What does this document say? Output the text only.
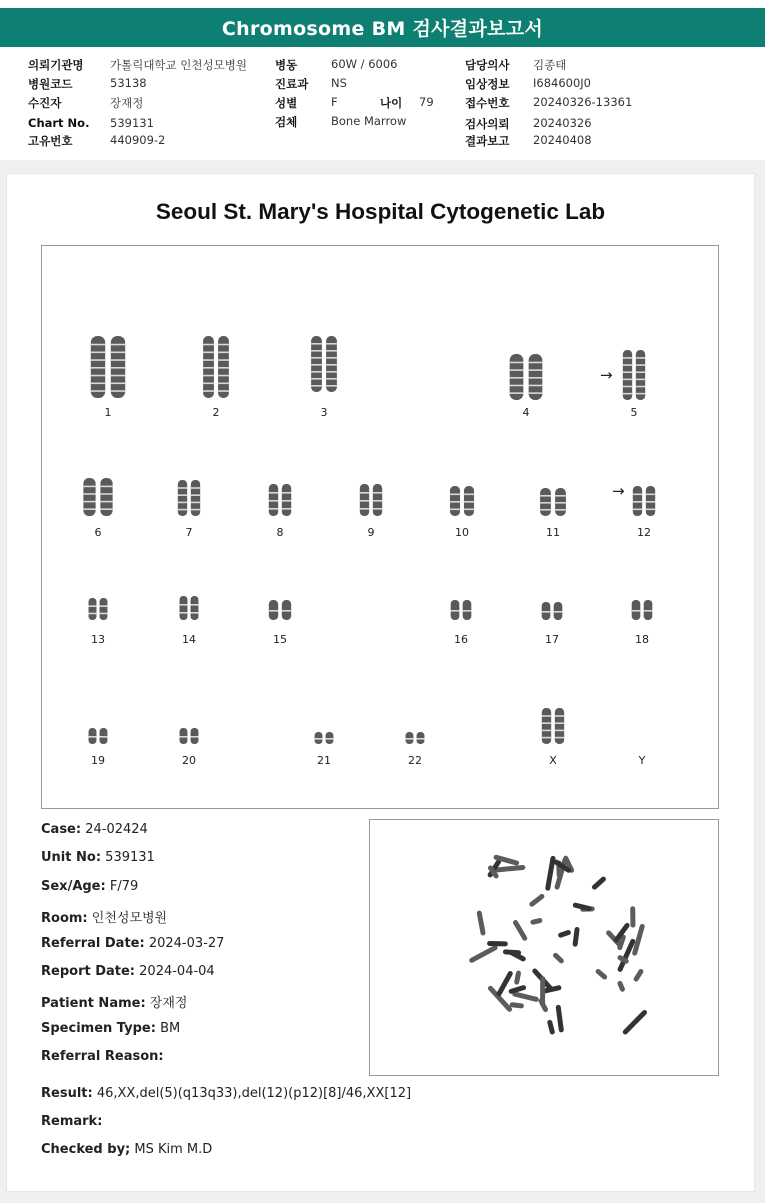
Chromosome BM 검사결과보고서
의뢰기관명 가톨릭대학교 인천성모병원
병원코드	53138
수진자	장재정
Chart No. 539131
고유번호	440909-2
병동	60W / 6006
진료과 NS
성별	F	나이 79
검체	Bone Marrow
담당의사 김종태
임상정보 I684600J0
접수번호 20240326-13361
검사의뢰 20240326
결과보고 20240408
Seoul St. Mary's Hospital Cytogenetic Lab
1	2	3	4	5
6	7	8	9	10	11	12
13	14	15	16	17	18
19	20	21	22	X	Y
→
→
Case: 24-02424
Unit No: 539131
Sex/Age: F/79
Room: 인천성모병원
Referral Date: 2024-03-27
Report Date: 2024-04-04
Patient Name: 장재정
Specimen Type: BM
Referral Reason:
Result: 46,XX,del(5)(q13q33),del(12)(p12)[8]/46,XX[12]
Remark:
Checked by; MS Kim M.D
